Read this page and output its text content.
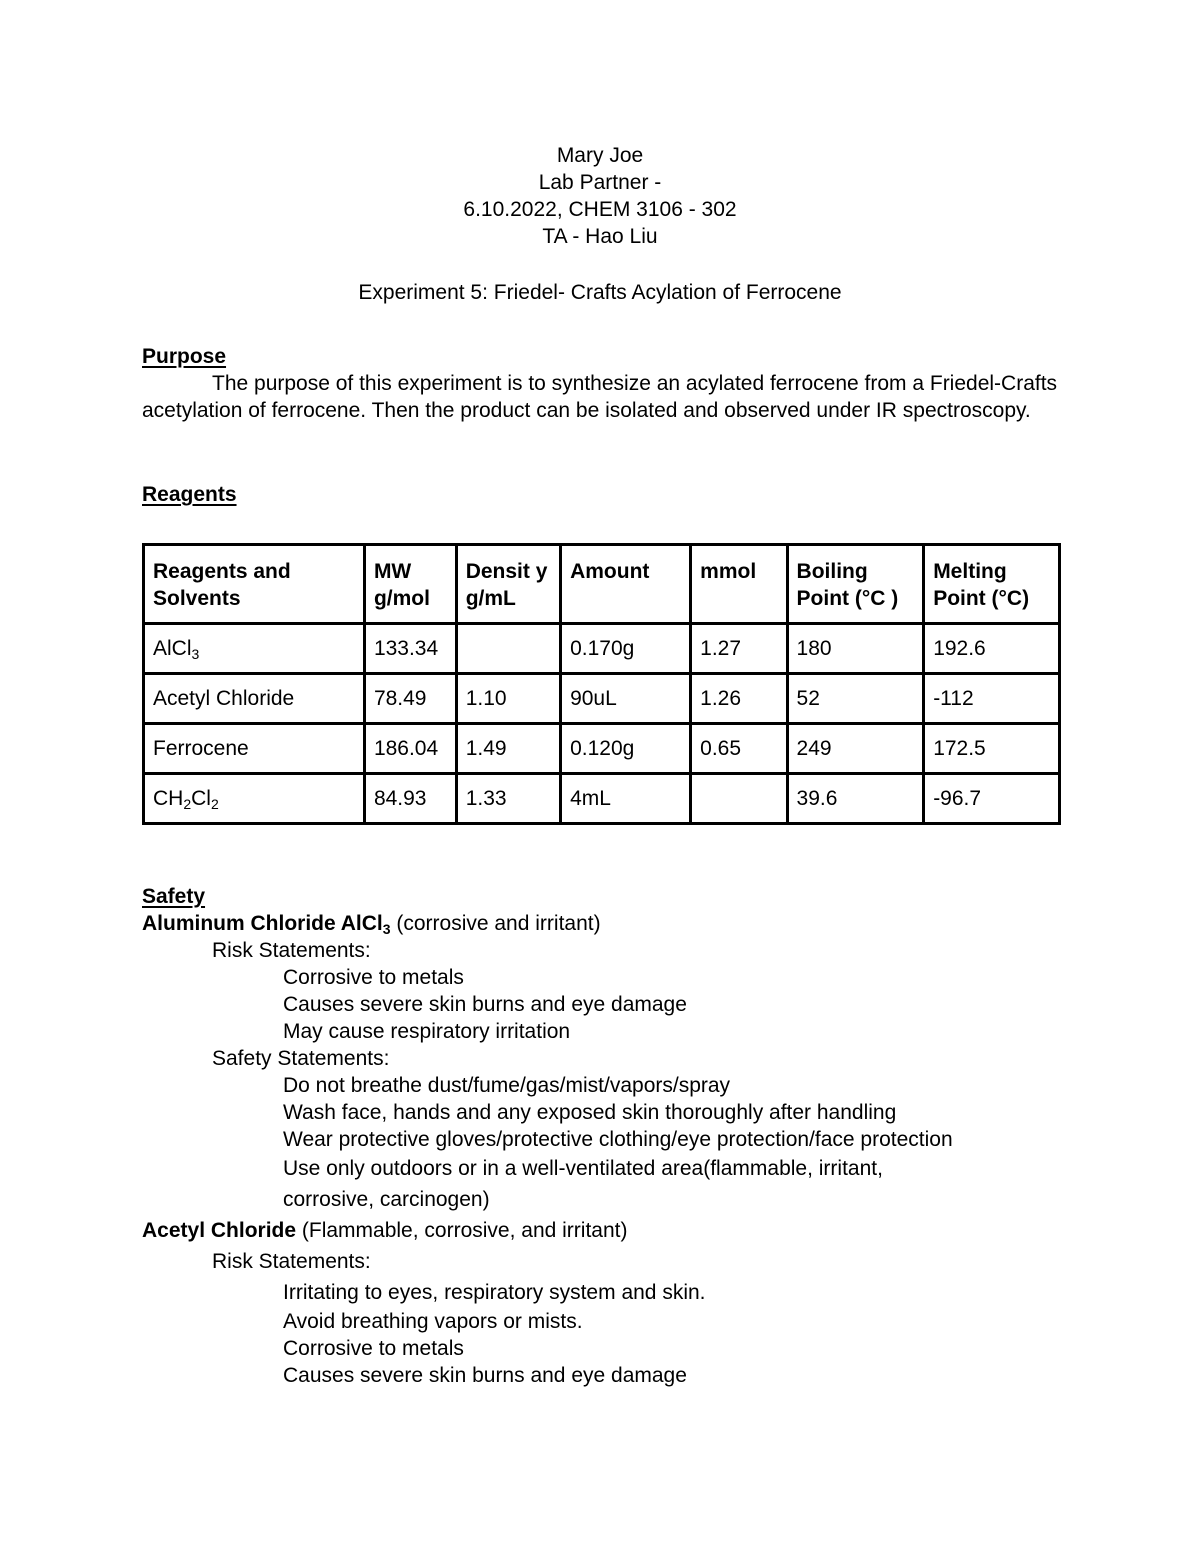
Mary Joe
Lab Partner -
6.10.2022, CHEM 3106 - 302
TA - Hao Liu
Experiment 5: Friedel- Crafts Acylation of Ferrocene
Purpose

The purpose of this experiment is to synthesize an acylated ferrocene from a Friedel-Crafts acetylation of ferrocene. Then the product can be isolated and observed under IR spectroscopy.

Reagents
Reagents and Solvents	MW g/mol	Densit y g/mL	Amount	mmol	Boiling Point (°C )	Melting Point (°C)
AlCl$_3$	133.34		0.170g	1.27	180	192.6
Acetyl Chloride	78.49	1.10	90uL	1.26	52	-112
Ferrocene	186.04	1.49	0.120g	0.65	249	172.5
$CH_2Cl_2$	84.93	1.33	4mL		39.6	-96.7
Safety
Aluminum Chloride AlCl$_3$ (corrosive and irritant)
Risk Statements:
Corrosive to metals
Causes severe skin burns and eye damage
May cause respiratory irritation
Safety Statements:
Do not breathe dust/fume/gas/mist/vapors/spray
Wash face, hands and any exposed skin thoroughly after handling
Wear protective gloves/protective clothing/eye protection/face protection
Use only outdoors or in a well-ventilated area(flammable, irritant,
corrosive, carcinogen)
Acetyl Chloride (Flammable, corrosive, and irritant)
Risk Statements:
Irritating to eyes, respiratory system and skin.
Avoid breathing vapors or mists.
Corrosive to metals
Causes severe skin burns and eye damage
